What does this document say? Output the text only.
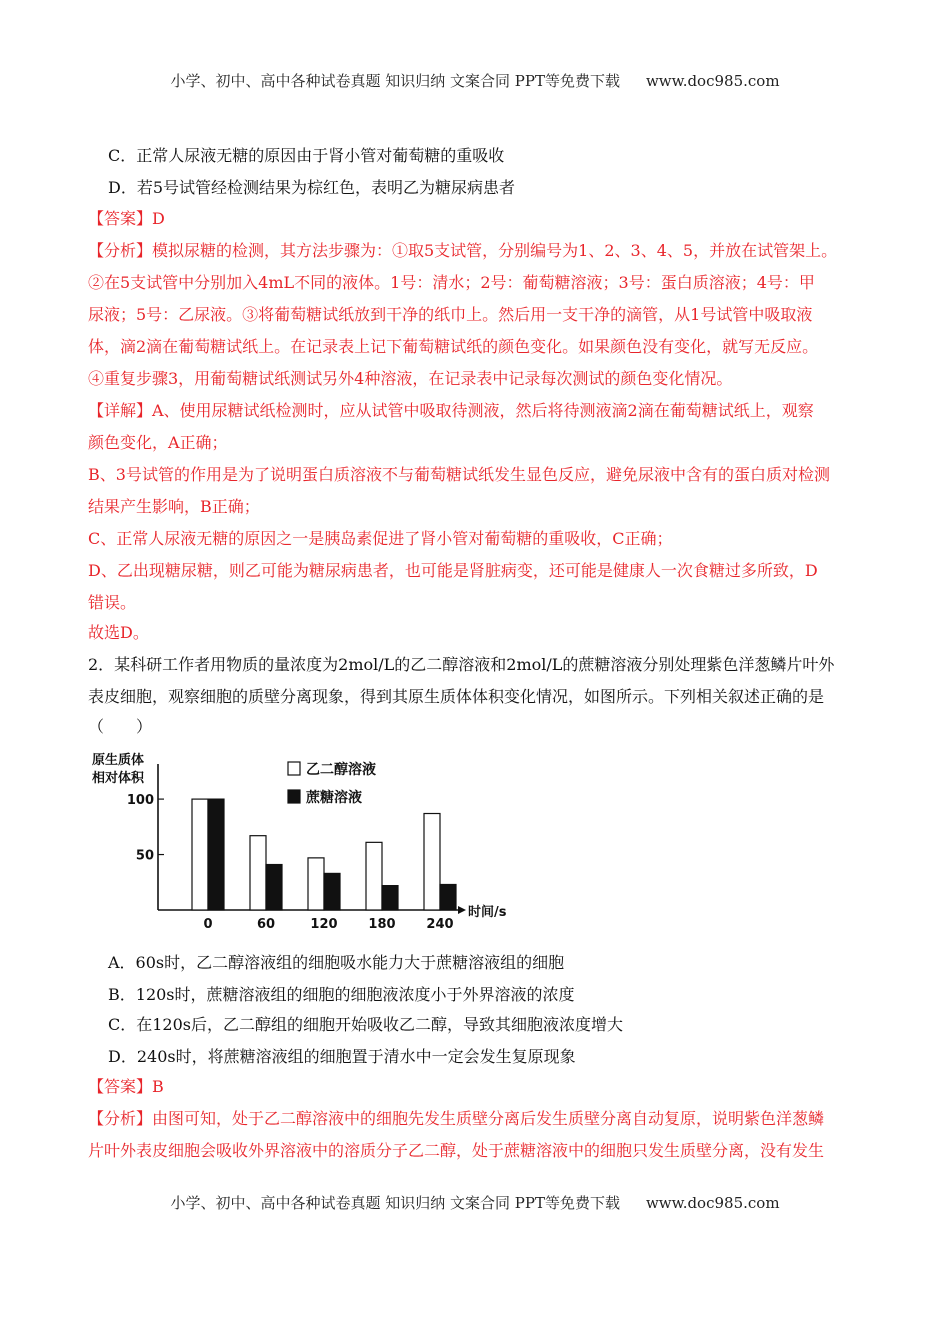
小学、初中、高中各种试卷真题 知识归纳 文案合同 PPT等免费下载 www.doc985.com
C．正常人尿液无糖的原因由于肾小管对葡萄糖的重吸收
D．若5号试管经检测结果为棕红色，表明乙为糖尿病患者
【答案】D
【分析】模拟尿糖的检测，其方法步骤为：①取5支试管，分别编号为1、2、3、4、5，并放在试管架上。
②在5支试管中分别加入4mL不同的液体。1号：清水；2号：葡萄糖溶液；3号：蛋白质溶液；4号：甲
尿液；5号：乙尿液。③将葡萄糖试纸放到干净的纸巾上。然后用一支干净的滴管，从1号试管中吸取液
体，滴2滴在葡萄糖试纸上。在记录表上记下葡萄糖试纸的颜色变化。如果颜色没有变化，就写无反应。
④重复步骤3，用葡萄糖试纸测试另外4种溶液，在记录表中记录每次测试的颜色变化情况。
【详解】A、使用尿糖试纸检测时，应从试管中吸取待测液，然后将待测液滴2滴在葡萄糖试纸上，观察
颜色变化，A正确；
B、3号试管的作用是为了说明蛋白质溶液不与葡萄糖试纸发生显色反应，避免尿液中含有的蛋白质对检测
结果产生影响，B正确；
C、正常人尿液无糖的原因之一是胰岛素促进了肾小管对葡萄糖的重吸收，C正确；
D、乙出现糖尿糖，则乙可能为糖尿病患者，也可能是肾脏病变，还可能是健康人一次食糖过多所致，D
错误。
故选D。
2．某科研工作者用物质的量浓度为2mol/L的乙二醇溶液和2mol/L的蔗糖溶液分别处理紫色洋葱鳞片叶外
表皮细胞，观察细胞的质壁分离现象，得到其原生质体体积变化情况，如图所示。下列相关叙述正确的是
（　　）
100
50
原生质体
相对体积
0	60	120 180 240
时间/s
乙二醇溶液
蔗糖溶液
A．60s时，乙二醇溶液组的细胞吸水能力大于蔗糖溶液组的细胞
B．120s时，蔗糖溶液组的细胞的细胞液浓度小于外界溶液的浓度
C．在120s后，乙二醇组的细胞开始吸收乙二醇，导致其细胞液浓度增大
D．240s时，将蔗糖溶液组的细胞置于清水中一定会发生复原现象
【答案】B
【分析】由图可知，处于乙二醇溶液中的细胞先发生质壁分离后发生质壁分离自动复原，说明紫色洋葱鳞
片叶外表皮细胞会吸收外界溶液中的溶质分子乙二醇，处于蔗糖溶液中的细胞只发生质壁分离，没有发生
小学、初中、高中各种试卷真题 知识归纳 文案合同 PPT等免费下载 www.doc985.com
